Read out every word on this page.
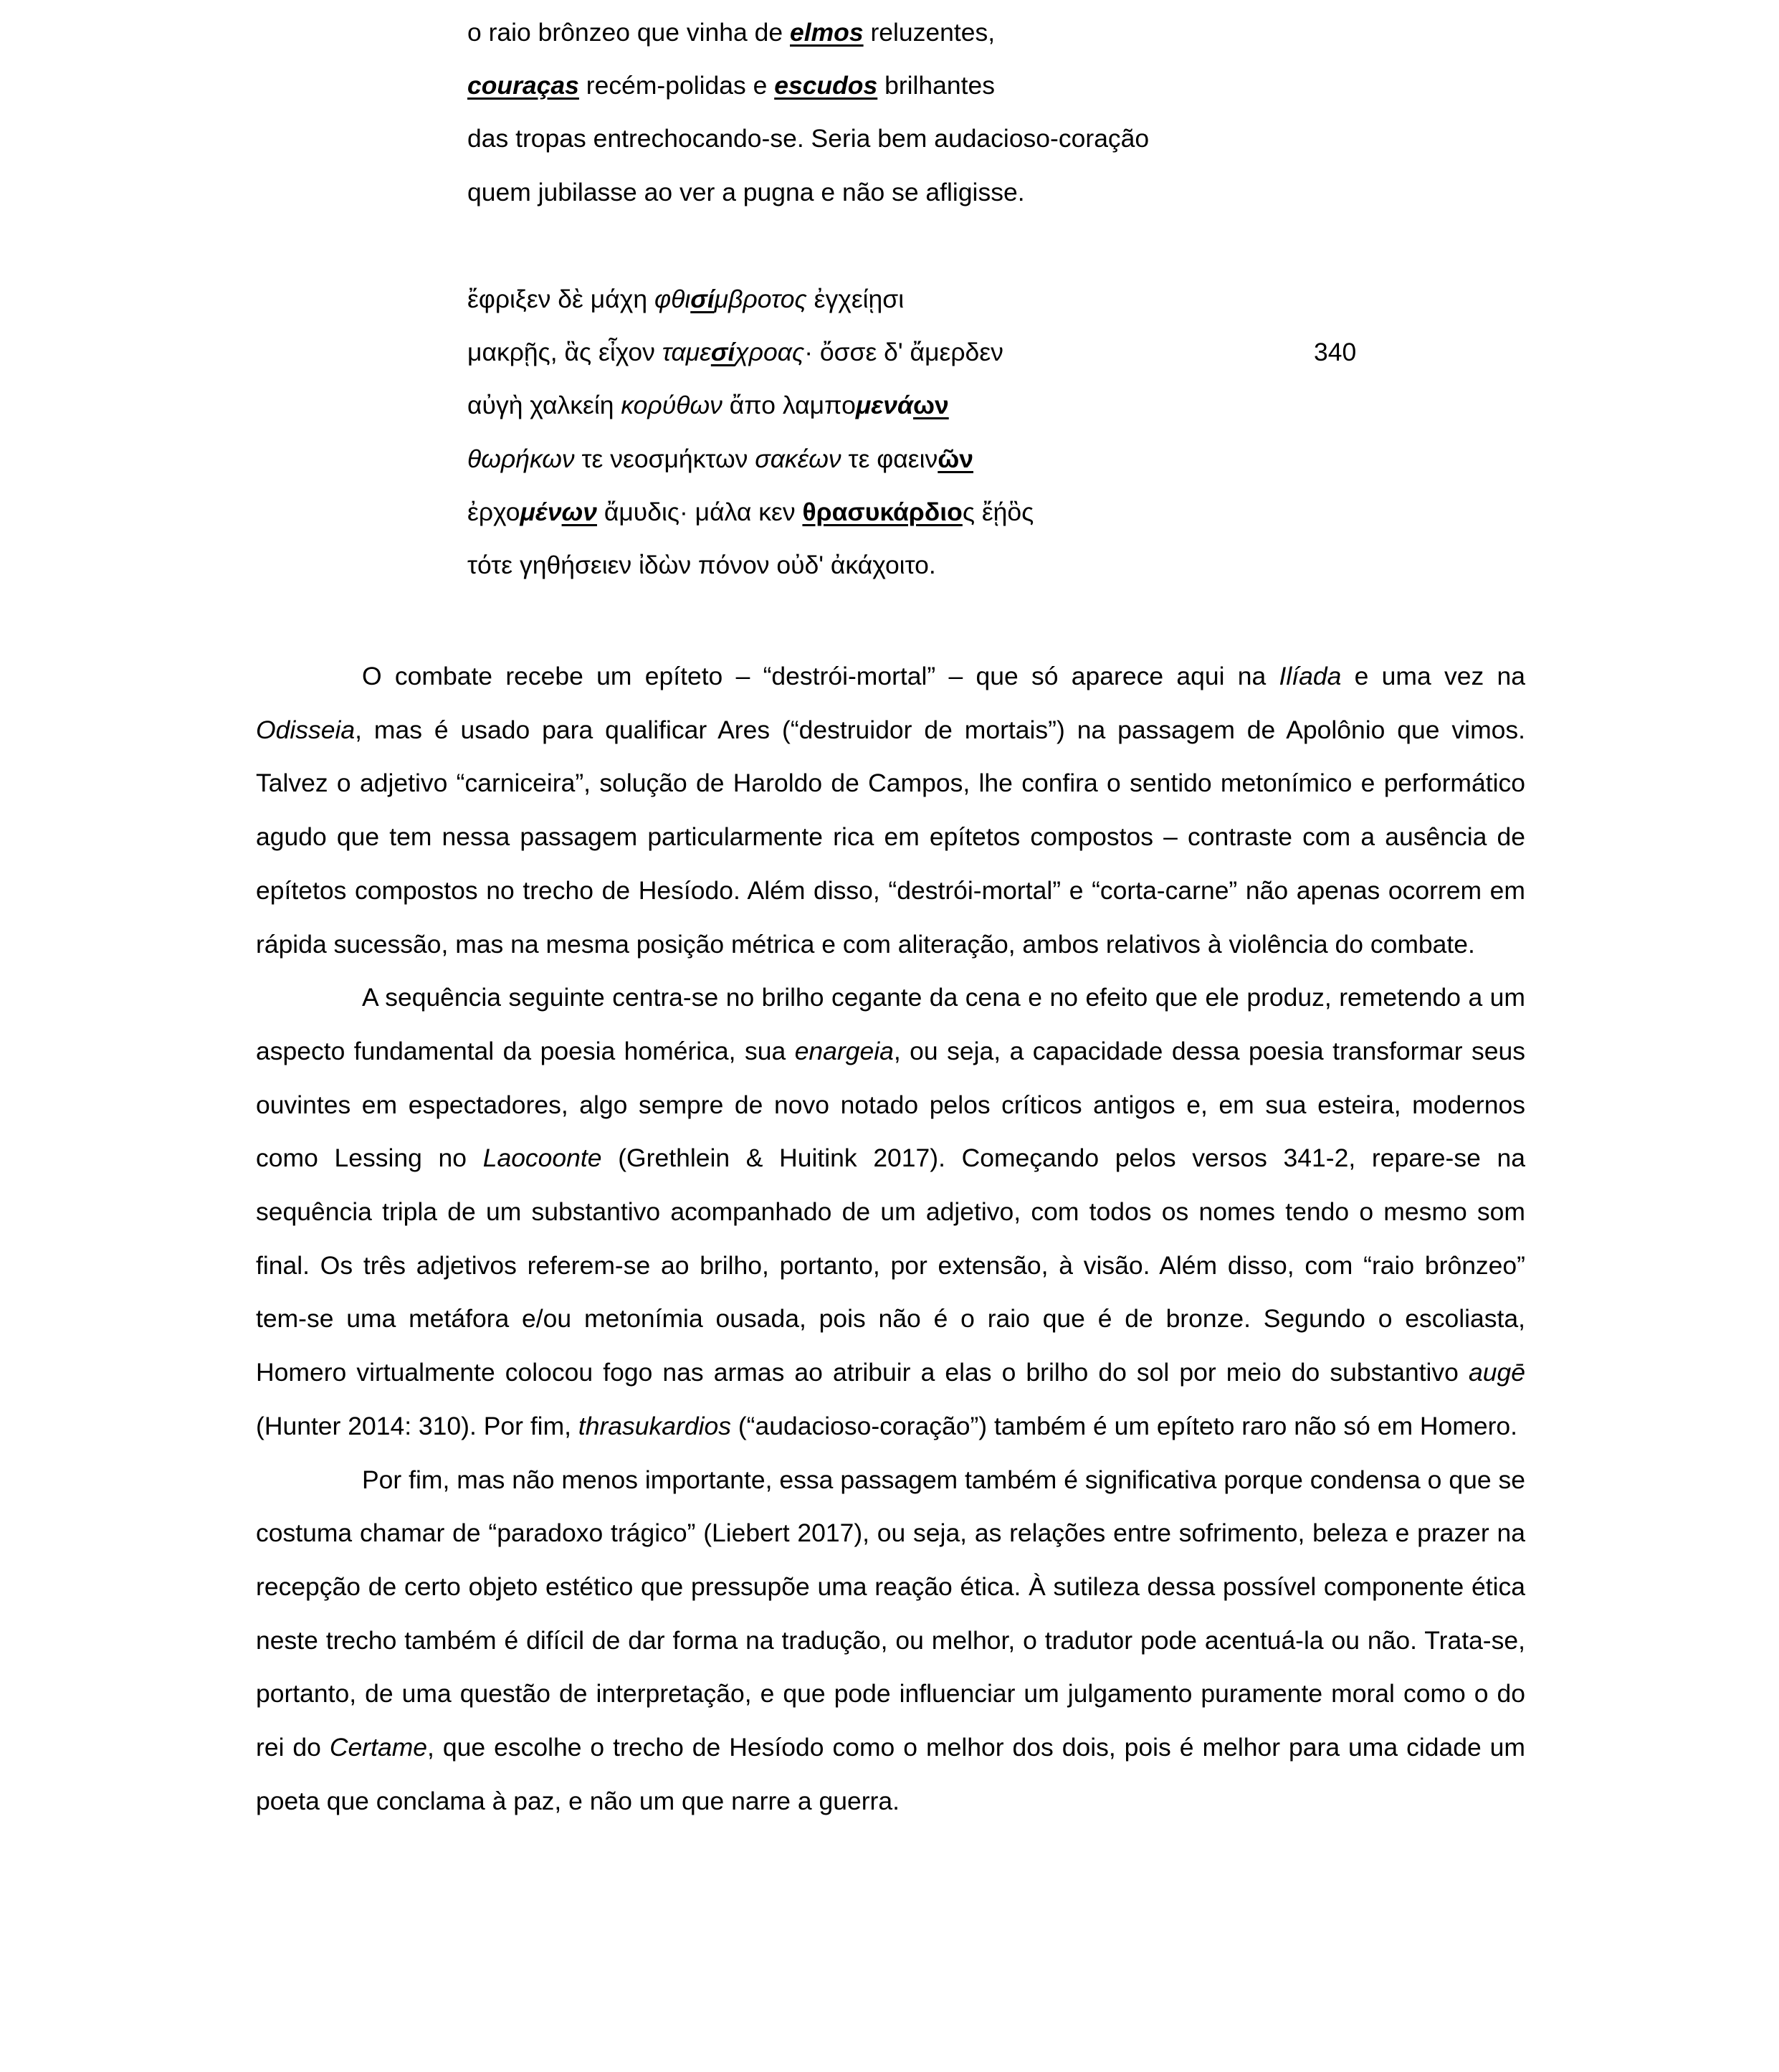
o raio brônzeo que vinha de elmos reluzentes,
couraças recém-polidas e escudos brilhantes
das tropas entrechocando-se. Seria bem audacioso-coração
quem jubilasse ao ver a pugna e não se afligisse.
ἔφριξεν δὲ μάχη φθισίμβροτος ἐγχείῃσι
μακρῇς, ἃς εἶχον ταμεσίχροας· ὄσσε δ' ἄμερδεν	340
αὐγὴ χαλκείη κορύθων ἄπο λαμπομενάων
θωρήκων τε νεοσμήκτων σακέων τε φαεινῶν
ἐρχομένων ἄμυδις· μάλα κεν θρασυκάρδιος ἔῄὃς
τότε γηθήσειεν ἰδὼν πόνον οὐδ' ἀκάχοιτο.

O combate recebe um epíteto – “destrói-mortal” – que só aparece aqui na Ilíada e uma vez na Odisseia, mas é usado para qualificar Ares (“destruidor de mortais”) na passagem de Apolônio que vimos. Talvez o adjetivo “carniceira”, solução de Haroldo de Campos, lhe confira o sentido metonímico e performático agudo que tem nessa passagem particularmente rica em epítetos compostos – contraste com a ausência de epítetos compostos no trecho de Hesíodo. Além disso, “destrói-mortal” e “corta-carne” não apenas ocorrem em rápida sucessão, mas na mesma posição métrica e com aliteração, ambos relativos à violência do combate.

A sequência seguinte centra-se no brilho cegante da cena e no efeito que ele produz, remetendo a um aspecto fundamental da poesia homérica, sua enargeia, ou seja, a capacidade dessa poesia transformar seus ouvintes em espectadores, algo sempre de novo notado pelos críticos antigos e, em sua esteira, modernos como Lessing no Laocoonte (Grethlein & Huitink 2017). Começando pelos versos 341-2, repare-se na sequência tripla de um substantivo acompanhado de um adjetivo, com todos os nomes tendo o mesmo som final. Os três adjetivos referem-se ao brilho, portanto, por extensão, à visão. Além disso, com “raio brônzeo” tem-se uma metáfora e/ou metonímia ousada, pois não é o raio que é de bronze. Segundo o escoliasta, Homero virtualmente colocou fogo nas armas ao atribuir a elas o brilho do sol por meio do substantivo augē (Hunter 2014: 310). Por fim, thrasukardios (“audacioso-coração”) também é um epíteto raro não só em Homero.

Por fim, mas não menos importante, essa passagem também é significativa porque condensa o que se costuma chamar de “paradoxo trágico” (Liebert 2017), ou seja, as relações entre sofrimento, beleza e prazer na recepção de certo objeto estético que pressupõe uma reação ética. À sutileza dessa possível componente ética neste trecho também é difícil de dar forma na tradução, ou melhor, o tradutor pode acentuá-la ou não. Trata-se, portanto, de uma questão de interpretação, e que pode influenciar um julgamento puramente moral como o do rei do Certame, que escolhe o trecho de Hesíodo como o melhor dos dois, pois é melhor para uma cidade um poeta que conclama à paz, e não um que narre a guerra.
